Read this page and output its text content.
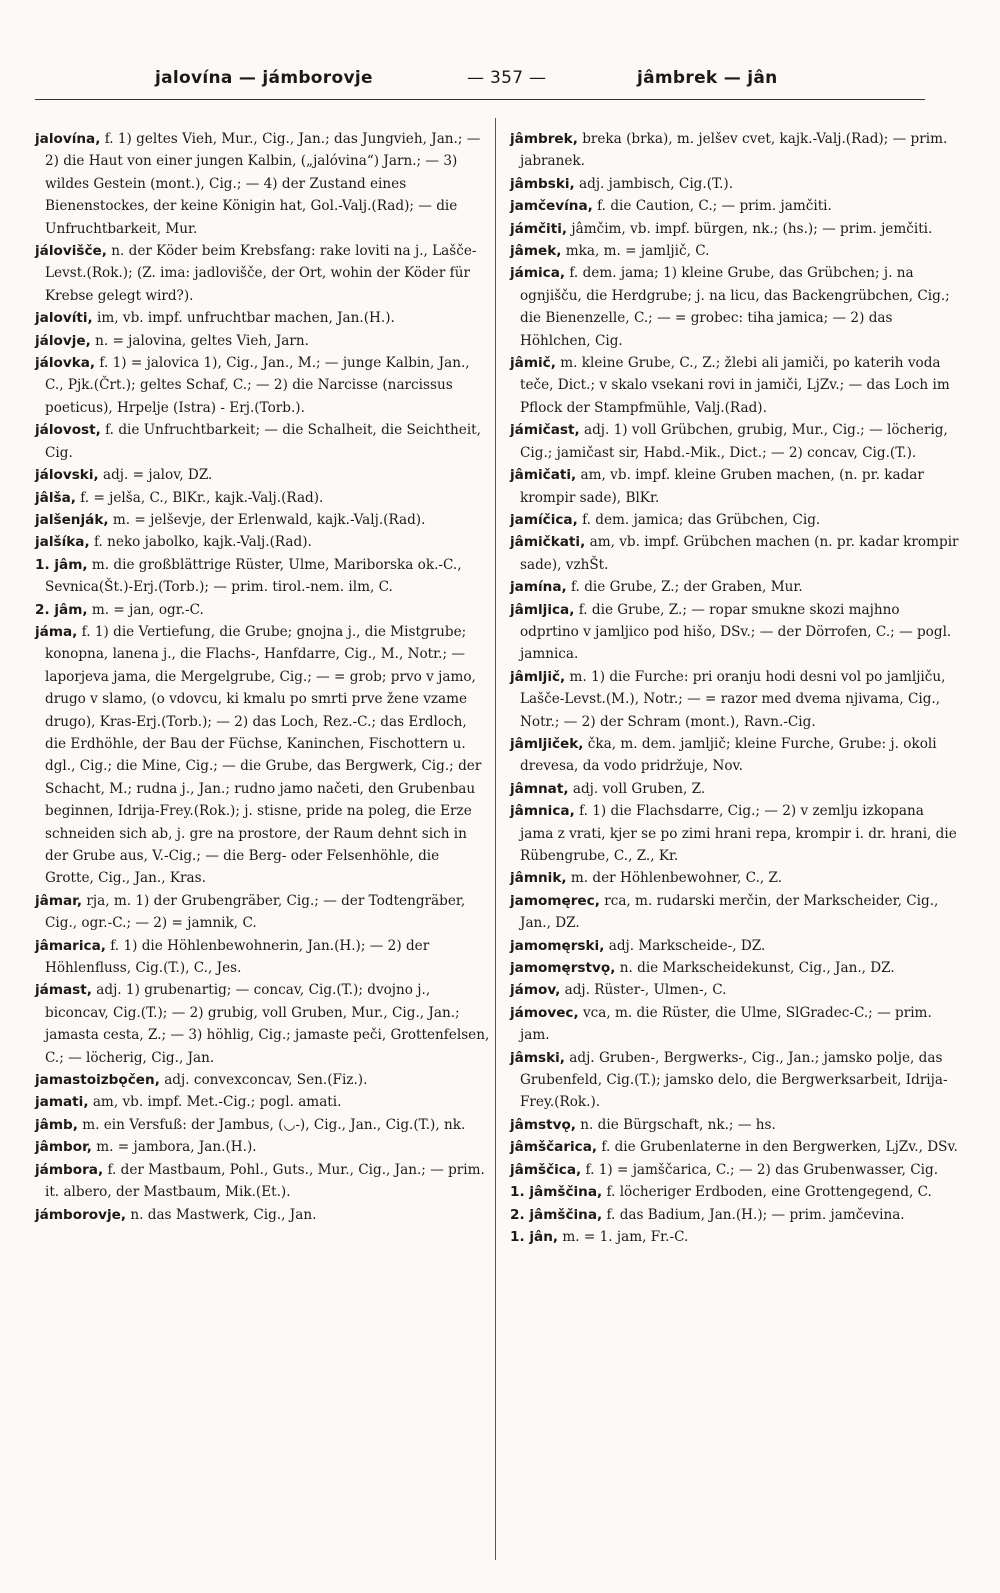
jalovína — jámborovje	— 357 —	jâmbrek — jân

jalovína, f. 1) geltes Vieh, Mur., Cig., Jan.; das Jungvieh, Jan.; — 2) die Haut von einer jungen Kalbin, („jalóvina“) Jarn.; — 3) wildes Gestein (mont.), Cig.; — 4) der Zustand eines Bienenstockes, der keine Königin hat, Gol.-Valj.(Rad); — die Unfruchtbarkeit, Mur.

jálovišče, n. der Köder beim Krebsfang: rake loviti na j., Lašče-Levst.(Rok.); (Z. ima: jadlovišče, der Ort, wohin der Köder für Krebse gelegt wird?).

jalovíti, im, vb. impf. unfruchtbar machen, Jan.(H.).

jálovje, n. = jalovina, geltes Vieh, Jarn.

jálovka, f. 1) = jalovica 1), Cig., Jan., M.; — junge Kalbin, Jan., C., Pjk.(Črt.); geltes Schaf, C.; — 2) die Narcisse (narcissus poeticus), Hrpelje (Istra) - Erj.(Torb.).

jálovost, f. die Unfruchtbarkeit; — die Schalheit, die Seichtheit, Cig.

jálovski, adj. = jalov, DZ.

jâlša, f. = jelša, C., BlKr., kajk.-Valj.(Rad).

jalšenják, m. = jelševje, der Erlenwald, kajk.-Valj.(Rad).

jalšíka, f. neko jabolko, kajk.-Valj.(Rad).

1. jâm, m. die großblättrige Rüster, Ulme, Mariborska ok.-C., Sevnica(Št.)-Erj.(Torb.); — prim. tirol.-nem. ilm, C.

2. jâm, m. = jan, ogr.-C.

jáma, f. 1) die Vertiefung, die Grube; gnojna j., die Mistgrube; konopna, lanena j., die Flachs-, Hanfdarre, Cig., M., Notr.; — laporjeva jama, die Mergelgrube, Cig.; — = grob; prvo v jamo, drugo v slamo, (o vdovcu, ki kmalu po smrti prve žene vzame drugo), Kras-Erj.(Torb.); — 2) das Loch, Rez.-C.; das Erdloch, die Erdhöhle, der Bau der Füchse, Kaninchen, Fischottern u. dgl., Cig.; die Mine, Cig.; — die Grube, das Bergwerk, Cig.; der Schacht, M.; rudna j., Jan.; rudno jamo načeti, den Grubenbau beginnen, Idrija-Frey.(Rok.); j. stisne, pride na poleg, die Erze schneiden sich ab, j. gre na prostore, der Raum dehnt sich in der Grube aus, V.-Cig.; — die Berg- oder Felsenhöhle, die Grotte, Cig., Jan., Kras.

jâmar, rja, m. 1) der Grubengräber, Cig.; — der Todtengräber, Cig., ogr.-C.; — 2) = jamnik, C.

jâmarica, f. 1) die Höhlenbewohnerin, Jan.(H.); — 2) der Höhlenfluss, Cig.(T.), C., Jes.

jámast, adj. 1) grubenartig; — concav, Cig.(T.); dvojno j., biconcav, Cig.(T.); — 2) grubig, voll Gruben, Mur., Cig., Jan.; jamasta cesta, Z.; — 3) höhlig, Cig.; jamaste peči, Grottenfelsen, C.; — löcherig, Cig., Jan.

jamastoizbǫčen, adj. convexconcav, Sen.(Fiz.).

jamati, am, vb. impf. Met.-Cig.; pogl. amati.

jâmb, m. ein Versfuß: der Jambus, (◡-), Cig., Jan., Cig.(T.), nk.

jâmbor, m. = jambora, Jan.(H.).

jámbora, f. der Mastbaum, Pohl., Guts., Mur., Cig., Jan.; — prim. it. albero, der Mastbaum, Mik.(Et.).

jámborovje, n. das Mastwerk, Cig., Jan.

jâmbrek, breka (brka), m. jelšev cvet, kajk.-Valj.(Rad); — prim. jabranek.

jâmbski, adj. jambisch, Cig.(T.).

jamčevína, f. die Caution, C.; — prim. jamčiti.

jámčiti, jâmčim, vb. impf. bürgen, nk.; (hs.); — prim. jemčiti.

jâmek, mka, m. = jamljič, C.

jámica, f. dem. jama; 1) kleine Grube, das Grübchen; j. na ognjišču, die Herdgrube; j. na licu, das Backengrübchen, Cig.; die Bienenzelle, C.; — = grobec: tiha jamica; — 2) das Höhlchen, Cig.

jâmič, m. kleine Grube, C., Z.; žlebi ali jamiči, po katerih voda teče, Dict.; v skalo vsekani rovi in jamiči, LjZv.; — das Loch im Pflock der Stampfmühle, Valj.(Rad).

jámičast, adj. 1) voll Grübchen, grubig, Mur., Cig.; — löcherig, Cig.; jamičast sir, Habd.-Mik., Dict.; — 2) concav, Cig.(T.).

jâmičati, am, vb. impf. kleine Gruben machen, (n. pr. kadar krompir sade), BlKr.

jamíčica, f. dem. jamica; das Grübchen, Cig.

jâmičkati, am, vb. impf. Grübchen machen (n. pr. kadar krompir sade), vzhŠt.

jamína, f. die Grube, Z.; der Graben, Mur.

jâmljica, f. die Grube, Z.; — ropar smukne skozi majhno odprtino v jamljico pod hišo, DSv.; — der Dörrofen, C.; — pogl. jamnica.

jâmljič, m. 1) die Furche: pri oranju hodi desni vol po jamljiču, Lašče-Levst.(M.), Notr.; — = razor med dvema njivama, Cig., Notr.; — 2) der Schram (mont.), Ravn.-Cig.

jâmljiček, čka, m. dem. jamljič; kleine Furche, Grube: j. okoli drevesa, da vodo pridržuje, Nov.

jâmnat, adj. voll Gruben, Z.

jâmnica, f. 1) die Flachsdarre, Cig.; — 2) v zemlju izkopana jama z vrati, kjer se po zimi hrani repa, krompir i. dr. hrani, die Rübengrube, C., Z., Kr.

jâmnik, m. der Höhlenbewohner, C., Z.

jamomęrec, rca, m. rudarski merčin, der Markscheider, Cig., Jan., DZ.

jamomęrski, adj. Markscheide-, DZ.

jamomęrstvǫ, n. die Markscheidekunst, Cig., Jan., DZ.

jámov, adj. Rüster-, Ulmen-, C.

jámovec, vca, m. die Rüster, die Ulme, SlGradec-C.; — prim. jam.

jâmski, adj. Gruben-, Bergwerks-, Cig., Jan.; jamsko polje, das Grubenfeld, Cig.(T.); jamsko delo, die Bergwerksarbeit, Idrija-Frey.(Rok.).

jâmstvǫ, n. die Bürgschaft, nk.; — hs.

jâmščarica, f. die Grubenlaterne in den Bergwerken, LjZv., DSv.

jâmščica, f. 1) = jamščarica, C.; — 2) das Grubenwasser, Cig.

1. jâmščina, f. löcheriger Erdboden, eine Grottengegend, C.

2. jâmščina, f. das Badium, Jan.(H.); — prim. jamčevina.

1. jân, m. = 1. jam, Fr.-C.
